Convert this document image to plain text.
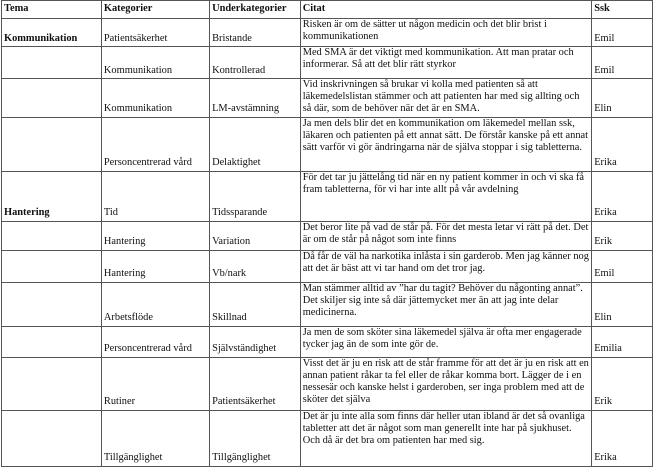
Tema	Kategorier	Underkategorier	Citat	Ssk
Kommunikation	Patientsäkerhet	Bristande	Risken är om de sätter ut någon medicin och det blir brist i kommunikationen	Emil
	Kommunikation	Kontrollerad	Med SMA är det viktigt med kommunikation. Att man pratar och informerar. Så att det blir rätt styrkor	Emil
	Kommunikation	LM-avstämning	Vid inskrivningen så brukar vi kolla med patienten så att läkemedelslistan stämmer och att patienten har med sig allting och så där, som de behöver när det är en SMA.	Elin
	Personcentrerad vård	Delaktighet	Ja men dels blir det en kommunikation om läkemedel mellan ssk, läkaren och patienten på ett annat sätt. De förstår kanske på ett annat sätt varför vi gör ändringarna när de själva stoppar i sig tabletterna.	Erika
Hantering	Tid	Tidssparande	För det tar ju jättelång tid när en ny patient kommer in och vi ska få fram tabletterna, för vi har inte allt på vår avdelning	Erika
	Hantering	Variation	Det beror lite på vad de står på. För det mesta letar vi rätt på det. Det är om de står på något som inte finns	Erik
	Hantering	Vb/nark	Då får de väl ha narkotika inlåsta i sin garderob. Men jag känner nog att det är bäst att vi tar hand om det tror jag.	Emil
	Arbetsflöde	Skillnad	Man stämmer alltid av ”har du tagit? Behöver du någonting annat”. Det skiljer sig inte så där jättemycket mer än att jag inte delar medicinerna.	Elin
	Personcentrerad vård	Självständighet	Ja men de som sköter sina läkemedel själva är ofta mer engagerade tycker jag än de som inte gör de.	Emilia
	Rutiner	Patientsäkerhet	Visst det är ju en risk att de står framme för att det är ju en risk att en annan patient råkar ta fel eller de råkar komma bort. Lägger de i en nessesär och kanske helst i garderoben, ser inga problem med att de sköter det själva	Erik
	Tillgänglighet	Tillgänglighet	Det är ju inte alla som finns där heller utan ibland är det så ovanliga tabletter att det är något som man generellt inte har på sjukhuset. Och då är det bra om patienten har med sig.	Erika
